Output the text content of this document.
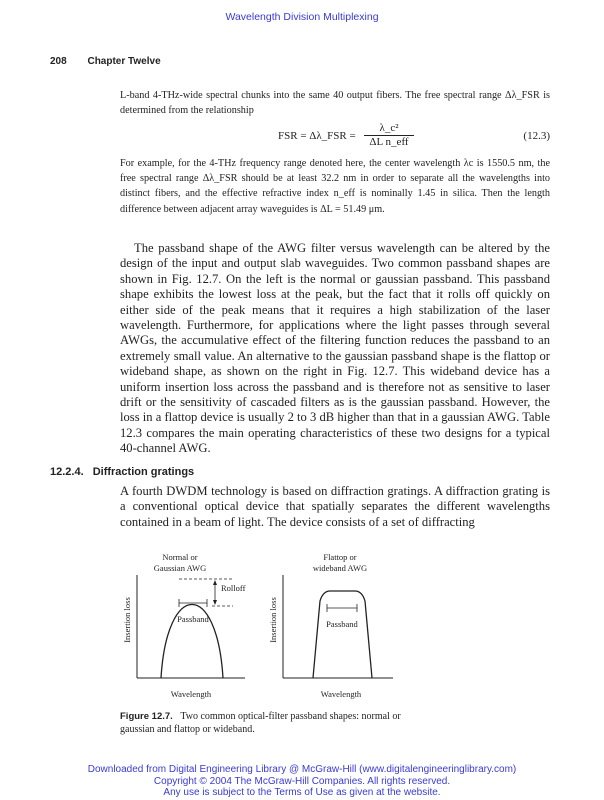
Wavelength Division Multiplexing
208 Chapter Twelve

L-band 4-THz-wide spectral chunks into the same 40 output fibers. The free spectral range Δλ_FSR is determined from the relationship

FSR = Δλ_FSR =
λ_c²
ΔL n_eff	(12.3)

For example, for the 4-THz frequency range denoted here, the center wavelength λc is 1550.5 nm, the free spectral range Δλ_FSR should be at least 32.2 nm in order to separate all the wavelengths into distinct fibers, and the effective refractive index n_eff is nominally 1.45 in silica. Then the length difference between adjacent array waveguides is ΔL = 51.49 μm.

The passband shape of the AWG filter versus wavelength can be altered by the design of the input and output slab waveguides. Two common passband shapes are shown in Fig. 12.7. On the left is the normal or gaussian passband. This passband shape exhibits the lowest loss at the peak, but the fact that it rolls off quickly on either side of the peak means that it requires a high stabilization of the laser wavelength. Furthermore, for applications where the light passes through several AWGs, the accumulative effect of the filtering function reduces the passband to an extremely small value. An alternative to the gaussian passband shape is the flattop or wideband shape, as shown on the right in Fig. 12.7. This wideband device has a uniform insertion loss across the passband and is therefore not as sensitive to laser drift or the sensitivity of cascaded filters as is the gaussian passband. However, the loss in a flattop device is usually 2 to 3 dB higher than that in a gaussian AWG. Table 12.3 compares the main operating characteristics of these two designs for a typical 40-channel AWG.

12.2.4. Diffraction gratings

A fourth DWDM technology is based on diffraction gratings. A diffraction grating is a conventional optical device that spatially separates the different wavelengths contained in a beam of light. The device consists of a set of diffracting

Normal or
Gaussian AWG
Insertion loss
Wavelength
Rolloff
Passband
Flattop or
wideband AWG
Insertion loss
Wavelength
Passband
Figure 12.7. Two common optical-filter passband shapes: normal or gaussian and flattop or wideband.
Downloaded from Digital Engineering Library @ McGraw-Hill (www.digitalengineeringlibrary.com)
Copyright © 2004 The McGraw-Hill Companies. All rights reserved.
Any use is subject to the Terms of Use as given at the website.
